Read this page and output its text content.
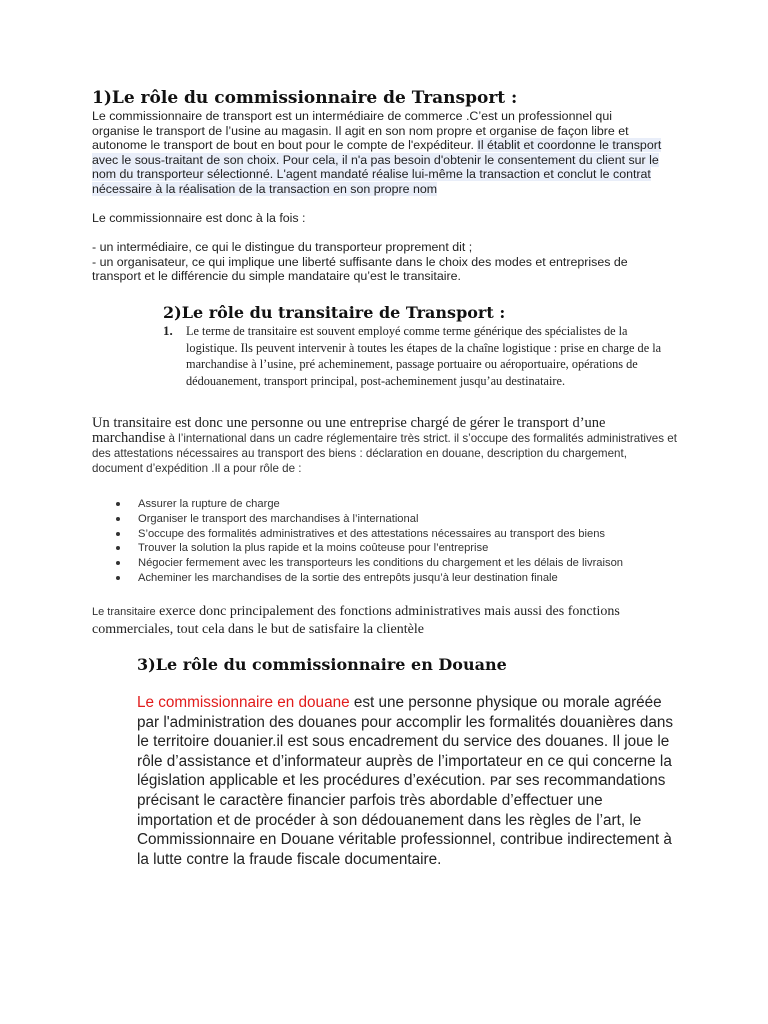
1)Le rôle du commissionnaire de Transport :
Le commissionnaire de transport est un intermédiaire de commerce .C’est un professionnel qui organise le transport de l’usine au magasin. Il agit en son nom propre et organise de façon libre et autonome le transport de bout en bout pour le compte de l'expéditeur. Il établit et coordonne le transport avec le sous-traitant de son choix. Pour cela, il n'a pas besoin d'obtenir le consentement du client sur le nom du transporteur sélectionné. L'agent mandaté réalise lui-même la transaction et conclut le contrat nécessaire à la réalisation de la transaction en son propre nom
Le commissionnaire est donc à la fois :
- un intermédiaire, ce qui le distingue du transporteur proprement dit ;
- un organisateur, ce qui implique une liberté suffisante dans le choix des modes et entreprises de transport et le différencie du simple mandataire qu’est le transitaire.
2)Le rôle du transitaire de Transport :
1. Le terme de transitaire est souvent employé comme terme générique des spécialistes de la logistique. Ils peuvent intervenir à toutes les étapes de la chaîne logistique : prise en charge de la marchandise à l’usine, pré acheminement, passage portuaire ou aéroportuaire, opérations de dédouanement, transport principal, post-acheminement jusqu’au destinataire.
Un transitaire est donc une personne ou une entreprise chargé de gérer le transport d’une marchandise à l’international dans un cadre réglementaire très strict. il s’occupe des formalités administratives et des attestations nécessaires au transport des biens : déclaration en douane, description du chargement, document d’expédition .Il a pour rôle de :
Assurer la rupture de charge
Organiser le transport des marchandises à l’international
S’occupe des formalités administratives et des attestations nécessaires au transport des biens
Trouver la solution la plus rapide et la moins coûteuse pour l’entreprise
Négocier fermement avec les transporteurs les conditions du chargement et les délais de livraison
Acheminer les marchandises de la sortie des entrepôts jusqu’à leur destination finale
Le transitaire exerce donc principalement des fonctions administratives mais aussi des fonctions commerciales, tout cela dans le but de satisfaire la clientèle
3)Le rôle du commissionnaire en Douane
Le commissionnaire en douane est une personne physique ou morale agréée par l'administration des douanes pour accomplir les formalités douanières dans le territoire douanier.il est sous encadrement du service des douanes. Il joue le rôle d’assistance et d’informateur auprès de l’importateur en ce qui concerne la législation applicable et les procédures d’exécution. ᴘar ses recommandations précisant le caractère financier parfois très abordable d’effectuer une importation et de procéder à son dédouanement dans les règles de l’art, le Commissionnaire en Douane véritable professionnel, contribue indirectement à la lutte contre la fraude fiscale documentaire.
